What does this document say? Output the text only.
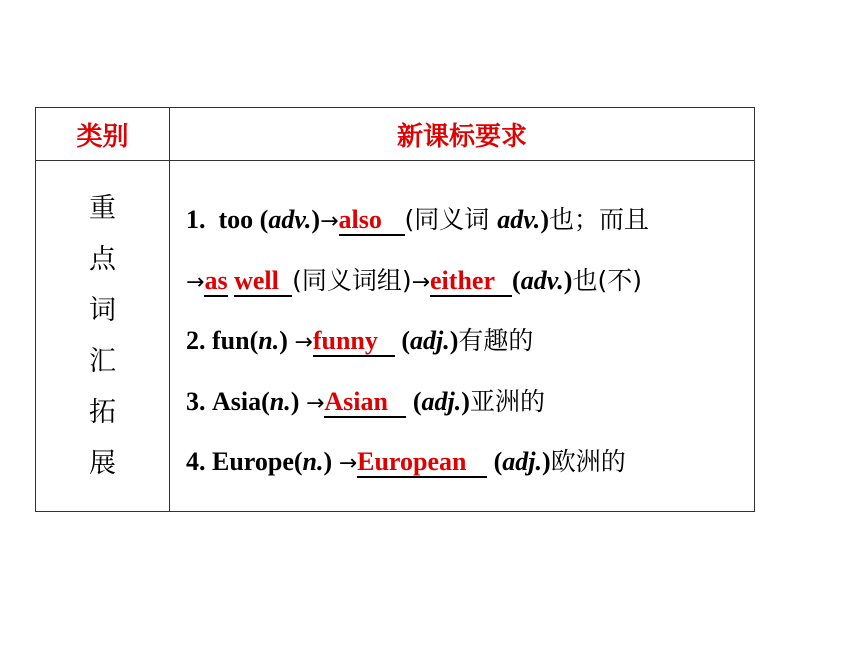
类别	新课标要求
重点词汇拓展	1. too (adv.)→also (同义词 adv.)也；而且
→as well (同义词组)→either (adv.)也(不)
2. fun(n.) →funny (adj.)有趣的
3. Asia(n.) →Asian (adj.)亚洲的
4. Europe(n.) →European (adj.)欧洲的
